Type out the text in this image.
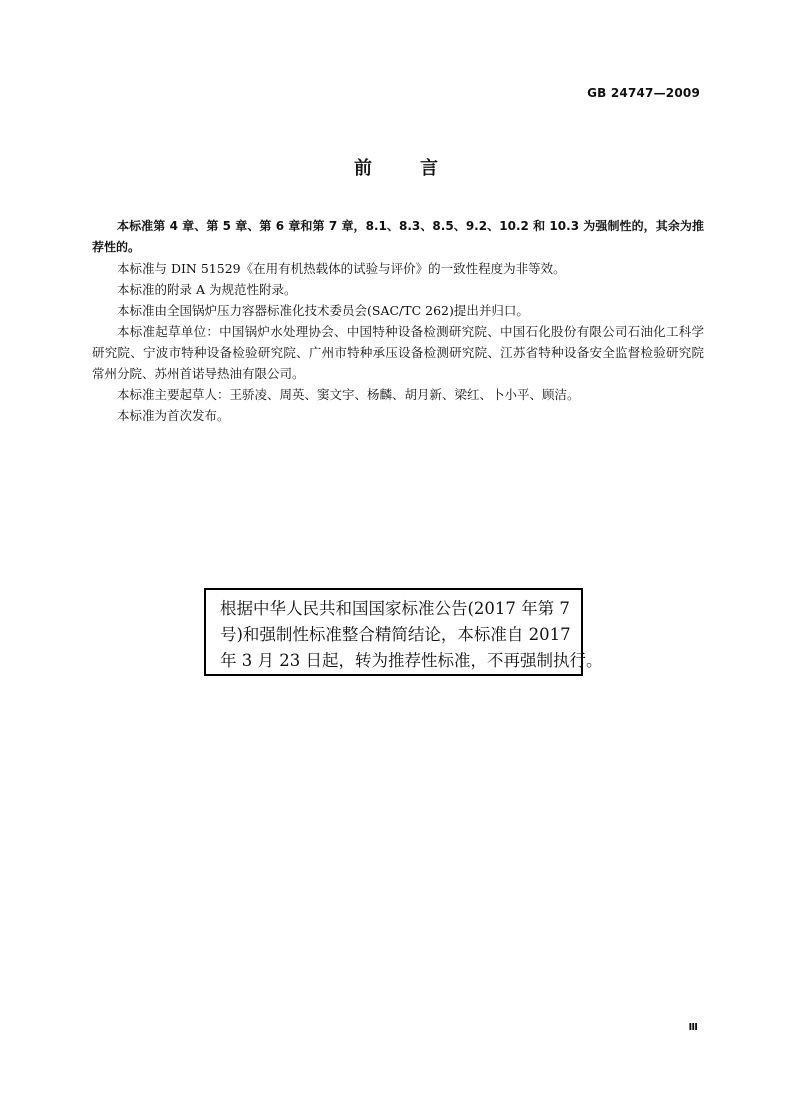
GB 24747—2009
前	言

本标准第 4 章、第 5 章、第 6 章和第 7 章，8.1、8.3、8.5、9.2、10.2 和 10.3 为强制性的，其余为推荐性的。

本标准与 DIN 51529《在用有机热载体的试验与评价》的一致性程度为非等效。

本标准的附录 A 为规范性附录。

本标准由全国锅炉压力容器标准化技术委员会(SAC/TC 262)提出并归口。

本标准起草单位：中国锅炉水处理协会、中国特种设备检测研究院、中国石化股份有限公司石油化工科学研究院、宁波市特种设备检验研究院、广州市特种承压设备检测研究院、江苏省特种设备安全监督检验研究院常州分院、苏州首诺导热油有限公司。

本标准主要起草人：王骄凌、周英、窦文宇、杨麟、胡月新、梁红、卜小平、顾洁。

本标准为首次发布。

根据中华人民共和国国家标准公告(2017 年第 7
号)和强制性标准整合精简结论，本标准自 2017
年 3 月 23 日起，转为推荐性标准，不再强制执行。
Ⅲ
